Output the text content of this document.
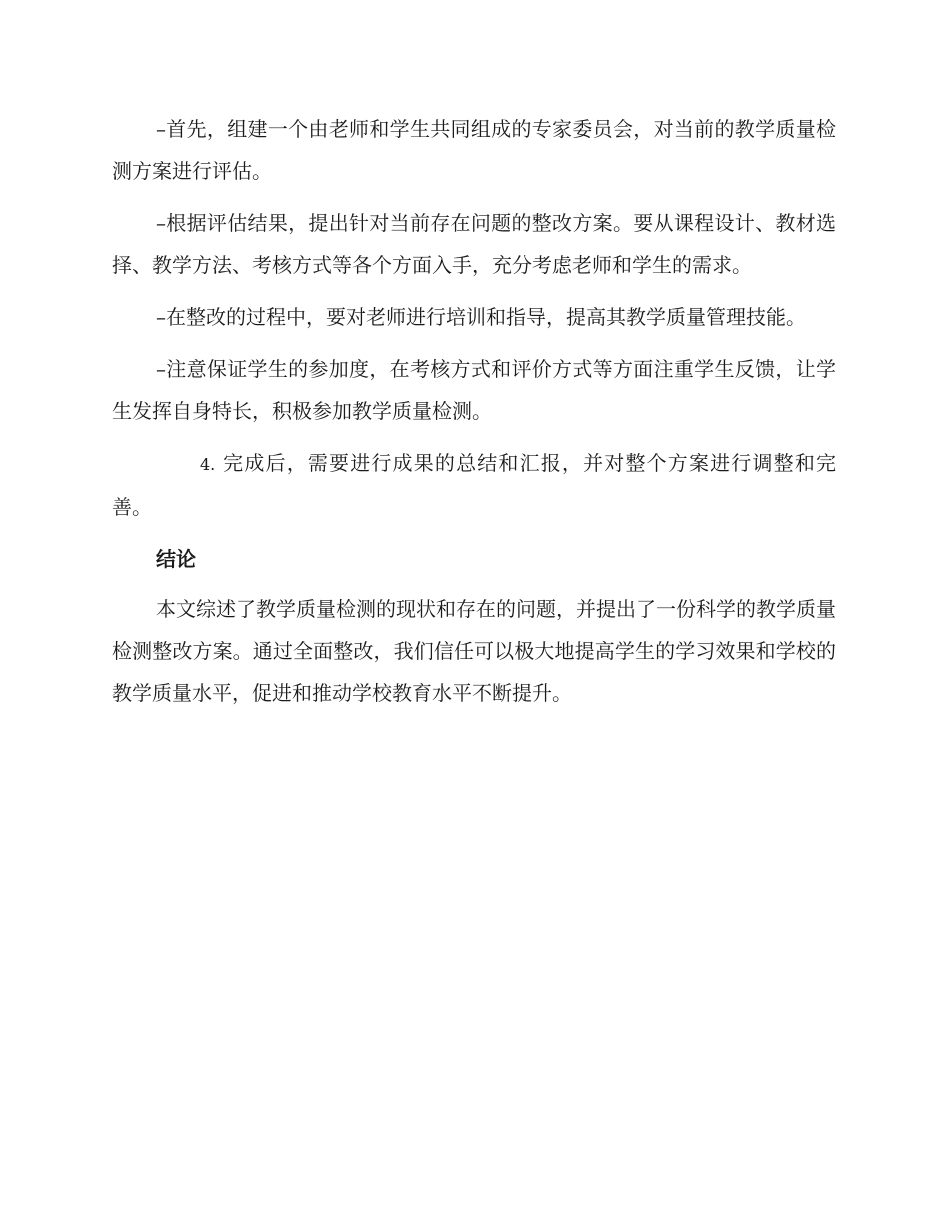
–首先，组建一个由老师和学生共同组成的专家委员会，对当前的教学质量检测方案进行评估。

–根据评估结果，提出针对当前存在问题的整改方案。要从课程设计、教材选择、教学方法、考核方式等各个方面入手，充分考虑老师和学生的需求。

–在整改的过程中，要对老师进行培训和指导，提高其教学质量管理技能。

–注意保证学生的参加度，在考核方式和评价方式等方面注重学生反馈，让学生发挥自身特长，积极参加教学质量检测。

4. 完成后，需要进行成果的总结和汇报，并对整个方案进行调整和完善。

结论

本文综述了教学质量检测的现状和存在的问题，并提出了一份科学的教学质量检测整改方案。通过全面整改，我们信任可以极大地提高学生的学习效果和学校的教学质量水平，促进和推动学校教育水平不断提升。
